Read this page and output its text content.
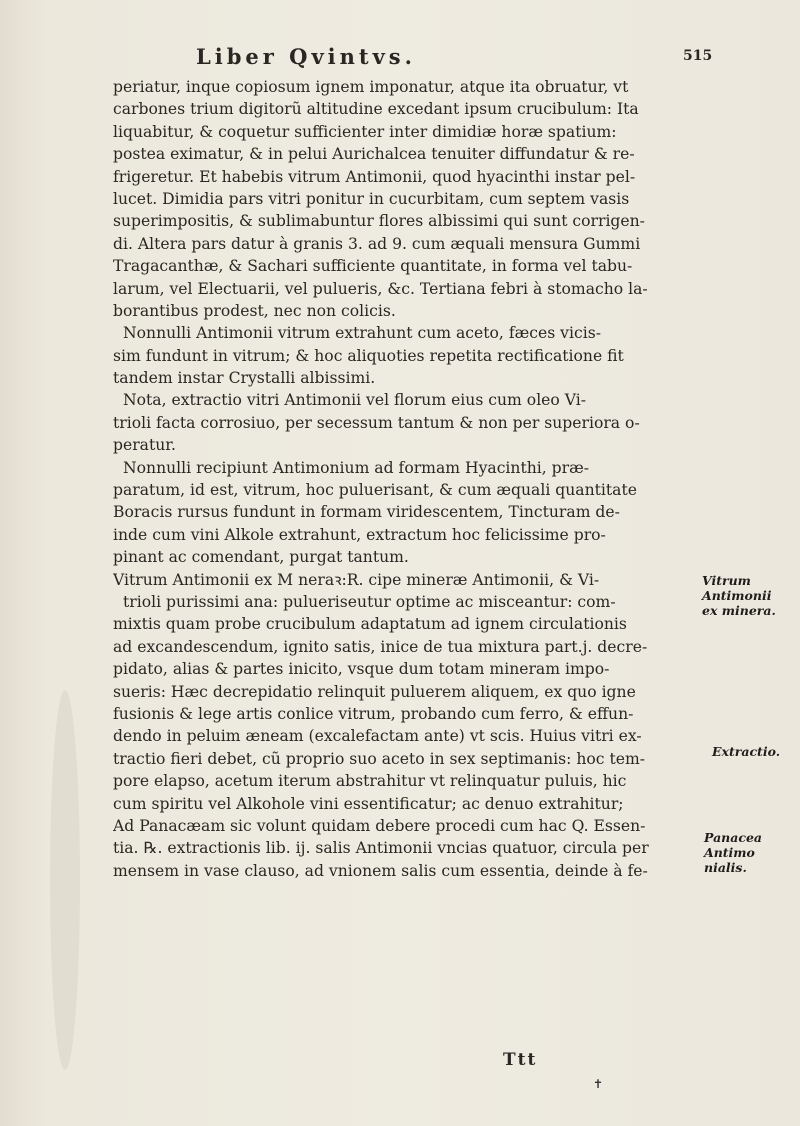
Liber Qvintvs.	515
periatur, inque copiosum ignem imponatur, atque ita obruatur, vt
carbones trium digitorũ altitudine excedant ipsum crucibulum: Ita
liquabitur, & coquetur sufficienter inter dimidiæ horæ spatium:
postea eximatur, & in pelui Aurichalcea tenuiter diffundatur & re-
frigeretur. Et habebis vitrum Antimonii, quod hyacinthi instar pel-
lucet. Dimidia pars vitri ponitur in cucurbitam, cum septem vasis
superimpositis, & sublimabuntur flores albissimi qui sunt corrigen-
di. Altera pars datur à granis 3. ad 9. cum æquali mensura Gummi
Tragacanthæ, & Sachari sufficiente quantitate, in forma vel tabu-
larum, vel Electuarii, vel pulueris, &c. Tertiana febri à stomacho la-
borantibus prodest, nec non colicis.
Nonnulli Antimonii vitrum extrahunt cum aceto, fæces vicis-
sim fundunt in vitrum; & hoc aliquoties repetita rectificatione fit
tandem instar Crystalli albissimi.
Nota, extractio vitri Antimonii vel florum eius cum oleo Vi-
trioli facta corrosiuo, per secessum tantum & non per superiora o-
peratur.
Nonnulli recipiunt Antimonium ad formam Hyacinthi, præ-
paratum, id est, vitrum, hoc puluerisant, & cum æquali quantitate
Boracis rursus fundunt in formam viridescentem, Tincturam de-
inde cum vini Alkole extrahunt, extractum hoc felicissime pro-
pinant ac comendant, purgat tantum.
Vitrum Antimonii ex M neraꝛ:R. cipe mineræ Antimonii, & Vi-
trioli purissimi ana: pulueriseutur optime ac misceantur: com-
mixtis quam probe crucibulum adaptatum ad ignem circulationis
ad excandescendum, ignito satis, inice de tua mixtura part.j. decre-
pidato, alias & partes inicito, vsque dum totam mineram impo-
sueris: Hæc decrepidatio relinquit puluerem aliquem, ex quo igne
fusionis & lege artis conlice vitrum, probando cum ferro, & effun-
dendo in peluim æneam (excalefactam ante) vt scis. Huius vitri ex-
tractio fieri debet, cũ proprio suo aceto in sex septimanis: hoc tem-
pore elapso, acetum iterum abstrahitur vt relinquatur puluis, hic
cum spiritu vel Alkohole vini essentificatur; ac denuo extrahitur;
Ad Panacæam sic volunt quidam debere procedi cum hac Q. Essen-
tia. ℞. extractionis lib. ij. salis Antimonii vncias quatuor, circula per
mensem in vase clauso, ad vnionem salis cum essentia, deinde à fe-
Vitrum
Antimonii
ex minera.
Extractio.
Panacea
Antimo
nialis.
Ttt
✝
